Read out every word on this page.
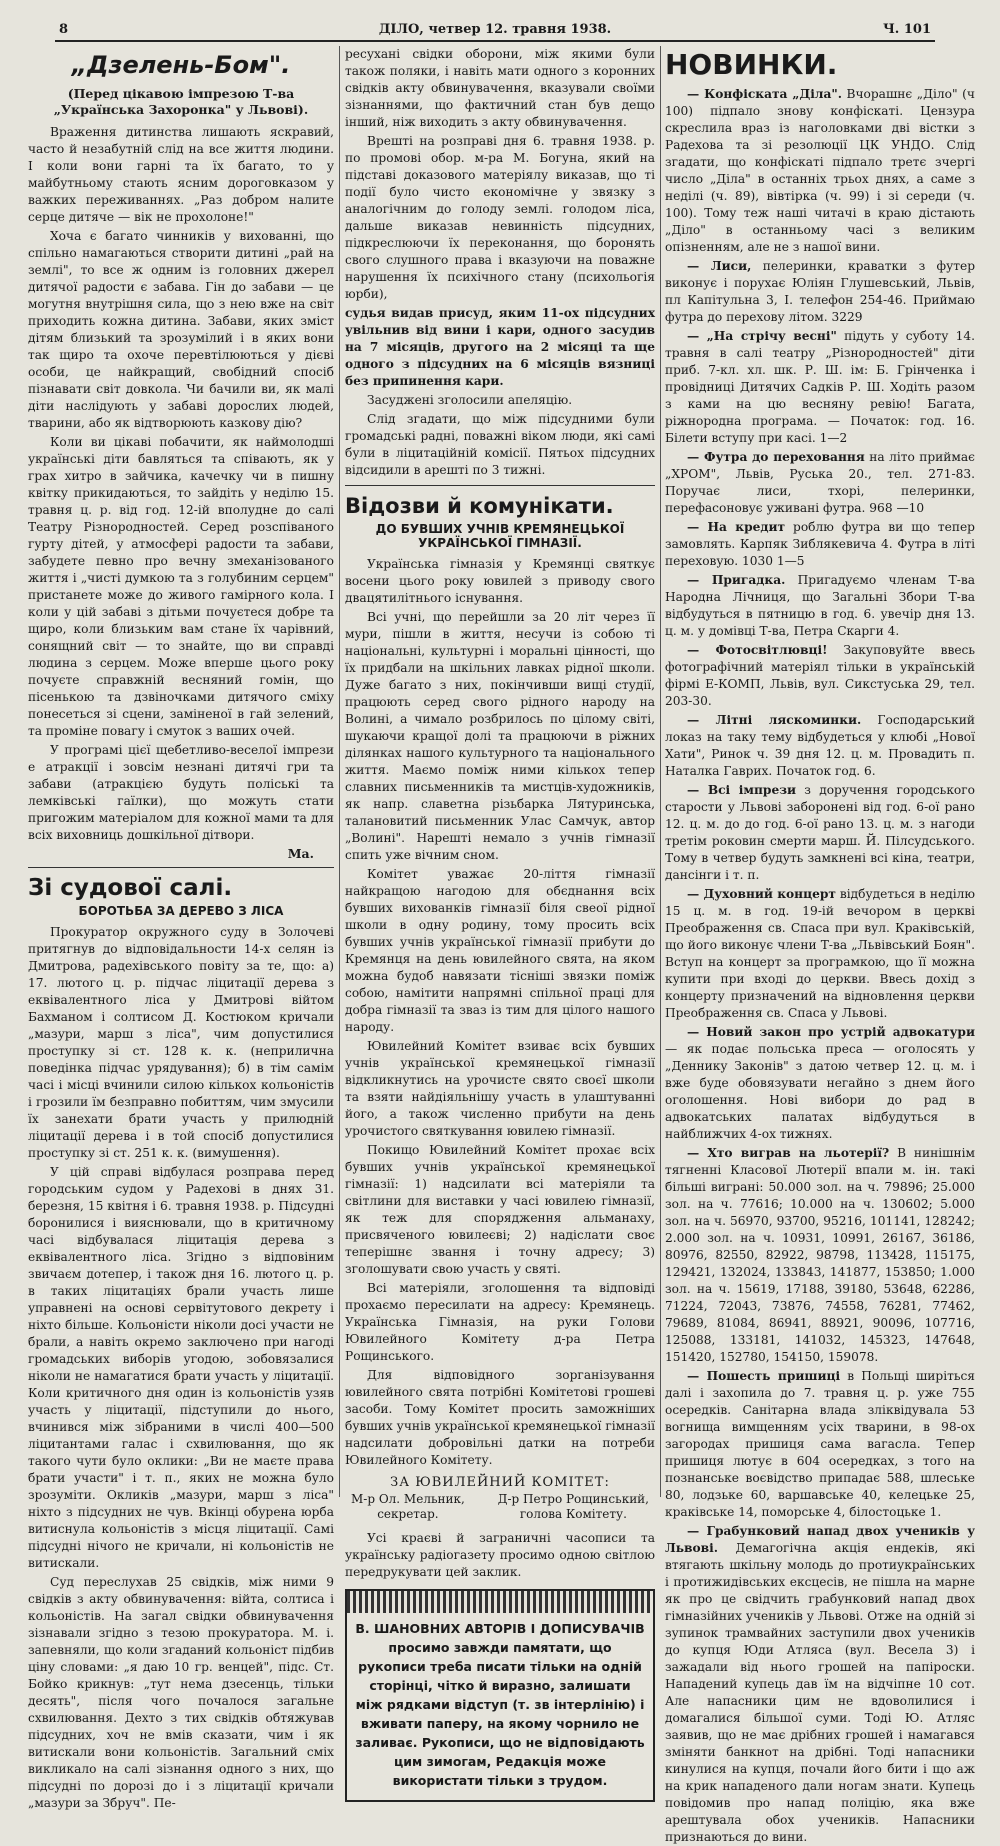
8	ДІЛО, четвер 12. травня 1938.	Ч. 101
„Дзелень-Бом".
(Перед цікавою імпрезою Т-ва „Українська Захоронка" у Львові).

Враження дитинства лишають яскравий, часто й незабутній слід на все життя людини. І коли вони гарні та їх багато, то у майбутньому стають ясним дороговказом у важких переживаннях. „Раз добром налите серце дитяче — вік не прохолоне!"

Хоча є багато чинників у вихованні, що спільно намагаються створити дитині „рай на землі", то все ж одним із головних джерел дитячої радости є забава. Гін до забави — це могутня внутрішня сила, що з нею вже на світ приходить кожна дитина. Забави, яких зміст дітям близький та зрозумілий і в яких вони так щиро та охоче перевтілюються у дієві особи, це найкращий, свобідний спосіб пізнавати світ довкола. Чи бачили ви, як малі діти наслідують у забаві дорослих людей, тварини, або як відтворюють казкову дію?

Коли ви цікаві побачити, як наймолодші українські діти бавляться та співають, як у грах хитро в зайчика, качечку чи в пишну квітку прикидаються, то зайдіть у неділю 15. травня ц. р. від год. 12-ій вполудне до салі Театру Різнородностей. Серед розспіваного гурту дітей, у атмосфері радости та забави, забудете певно про вечну змеханізованого життя і „чисті думкою та з голубиним серцем" пристанете може до живого гамірного кола. І коли у цій забаві з дітьми почуєтеся добре та щиро, коли близьким вам стане їх чарівний, сонящний світ — то знайте, що ви справді людина з серцем. Може вперше цього року почуєте справжній весняний гомін, що пісенькою та дзвіночками дитячого сміху понесеться зі сцени, заміненої в гай зелений, та проміне повагу і смуток з ваших очей.

У програмі цієї щебетливо-веселої імпрези е атракції і зовсім незнані дитячі гри та забави (атракцією будуть поліські та лемківські гаїлки), що можуть стати пригожим матеріалом для кожної мами та для всіх виховниць дошкільної дітвори.

Ма.
Зі судової салі.
БОРОТЬБА ЗА ДЕРЕВО З ЛІСА

Прокуратор окружного суду в Золочеві притягнув до відповідальности 14-х селян із Дмитрова, радехівського повіту за те, що: а) 17. лютого ц. р. підчас ліцитації дерева з еквівалентного ліса у Дмитрові війтом Бахманом і солтисом Д. Костюком кричали „мазури, марш з ліса", чим допустилися проступку зі ст. 128 к. к. (неприлична поведінка підчас урядування); б) в тім самім часі і місці вчинили силою кількох кольоністів і грозили їм безправно побиттям, чим змусили їх занехати брати участь у прилюдній ліцитації дерева і в той спосіб допустилися проступку зі ст. 251 к. к. (вимушення).

У цій справі відбулася розправа перед городським судом у Радехові в днях 31. березня, 15 квітня і 6. травня 1938. р. Підсудні боронилися і вияснювали, що в критичному часі відбувалася ліцитація дерева з еквівалентного ліса. Згідно з відповіним звичаєм дотепер, і також дня 16. лютого ц. р. в таких ліцитаціях брали участь лише управнені на основі сервітутового декрету і ніхто більше. Кольоністи ніколи досі участи не брали, а навіть окремо заключено при нагоді громадських виборів угодою, зобовязалися ніколи не намагатися брати участь у ліцитації. Коли критичного дня один із кольоністів узяв участь у ліцитації, підступили до нього, вчинився між зібраними в числі 400—500 ліцитантами галас і схвилювання, що як такого чути було оклики: „Ви не маєте права брати участи" і т. п., яких не можна було зрозуміти. Окликів „мазури, марш з ліса" ніхто з підсудних не чув. Вкінці обурена юрба витиснула кольоністів з місця ліцитації. Самі підсудні нічого не кричали, ні кольоністів не витискали.

Суд переслухав 25 свідків, між ними 9 свідків з акту обвинувачення: війта, солтиса і кольоністів. На загал свідки обвинувачення зізнавали згідно з тезою прокуратора. М. і. запевняли, що коли згаданий кольоніст підбив ціну словами: „я даю 10 гр. венцей", підс. Ст. Бойко крикнув: „тут нема дзесенць, тільки десять", після чого почалося загальне схвилювання. Дехто з тих свідків обтяжував підсудних, хоч не вмів сказати, чим і як витискали вони кольоністів. Загальний сміх викликало на салі зізнання одного з них, що підсудні по дорозі до і з ліцитації кричали „мазури за Збруч". Пе-

ресуханi свідки оборони, між якими були також поляки, і навіть мати одного з коронних свідків акту обвинувачення, вказували своїми зізнаннями, що фактичний стан був дещо інший, ніж виходить з акту обвинувачення.

Врешті на розправі дня 6. травня 1938. р. по промові обор. м-ра М. Богуна, який на підставі доказового матеріялу виказав, що ті події було чисто економічне у звязку з аналогічним до голоду землі. голодом ліса, дальше виказав невинність підсудних, підкреслюючи їх переконання, що боронять свого слушного права і вказуючи на поважне нарушення їх психічного стану (психольогія юрби),

судья видав присуд, яким 11-ох підсудних увільнив від вини і кари, одного засудив на 7 місяців, другого на 2 місяці та ще одного з підсудних на 6 місяців вязниці без припинення кари.

Засуджені зголосили апеляцію.

Слід згадати, що між підсудними були громадські радні, поважні віком люди, які самі були в ліцитаційній комісії. Пятьох підсудних відсидили в арешті по 3 тижні.

Відозви й комунікати.
ДО БУВШИХ УЧНІВ КРЕМЯНЕЦЬКОЇ УКРАЇНСЬКОЇ ГІМНАЗІЇ.

Українська гімназія у Кремянці святкує восени цього року ювилей з приводу свого двацятилітнього існування.

Всі учні, що перейшли за 20 літ через її мури, пішли в життя, несучи із собою ті національні, культурні і моральні цінності, що їх придбали на шкільних лавках рідної школи. Дуже багато з них, покінчивши вищі студії, працюють серед свого рідного народу на Волині, а чимало розбрилось по цілому світі, шукаючи кращої долі та працюючи в ріжних ділянках нашого культурного та національного життя. Маємо поміж ними кількох тепер славних письменників та мистців-художників, як напр. славетна різьбарка Лятуринська, талановитий письменник Улас Самчук, автор „Волині". Нарешті немало з учнів гімназії спить уже вічним сном.

Комітет уважає 20-ліття гімназії найкращою нагодою для обєднання всіх бувших вихованків гімназії біля свеої рідної школи в одну родину, тому просить всіх бувших учнів української гімназії прибути до Кремянця на день ювилейного свята, на яком можна будоб навязати тісніші звязки поміж собою, намітити напрямні спільної праці для добра гімназії та зваз із тим для цілого нашого народу.

Ювилейний Комітет взиває всіх бувших учнів української кремянецької гімназії відкликнутись на урочисте свято своєї школи та взяти найдіяльнішу участь в улаштуванні його, а також численно прибути на день урочистого святкування ювилею гімназії.

Покищо Ювилейний Комітет прохає всіх бувших учнів української кремянецької гімназії: 1) надсилати всі матеріяли та світлини для виставки у часі ювилею гімназії, як теж для спорядження альманаху, присвяченого ювилеєві; 2) надіслати своє теперішнє звання і точну адресу; 3) зголошувати свою участь у святі.

Всі матеріяли, зголошення та відповіді прохаємо пересилати на адресу: Кремянець. Українська Гімназія, на руки Голови Ювилейного Комітету д-ра Петра Рощинського.

Для відповідного зорганізування ювилейного свята потрібні Комітетові грошеві засоби. Тому Комітет просить заможніших бувших учнів української кремянецької гімназії надсилати добровільні датки на потреби Ювилейного Комітету.

ЗА ЮВИЛЕЙНИЙ КОМІТЕТ:
М-р Ол. Мельник,
секретар.
Д-р Петро Рощинський,
голова Комітету.

Усі краєві й заграничні часописи та українську радіогазету просимо одною світлою передрукувати цей заклик.

В. ШАНОВНИХ АВТОРІВ І ДОПИСУВАЧІВ просимо завжди памятати, що рукописи треба писати тільки на одній сторінці, чітко й виразно, залишати між рядками відступ (т. зв інтерлінію) і вживати паперу, на якому чорнило не заливає. Рукописи, що не відповідають цим зимогам, Редакція може використати тільки з трудом.

НОВИНКИ.

— Конфіската „Діла". Вчорашнє „Діло" (ч 100) підпало знову конфіскаті. Цензура скреслила враз із наголовками дві вістки з Радехова та зі резолюції ЦК УНДО. Слід згадати, що конфіскаті підпало третє зчергі число „Діла" в останніх трьох днях, а саме з неділі (ч. 89), вівтірка (ч. 99) і зі середи (ч. 100). Тому теж наші читачі в краю дістають „Діло" в останньому часі з великим опізненням, але не з нашої вини.

— Лиси, пелеринки, краватки з футер виконує і порухає Юліян Глушевський, Львів, пл Капітульна 3, І. телефон 254-46. Приймаю футра до перехову літом. 3229

— „На стрічу весні" підуть у суботу 14. травня в салі театру „Різнородностей" діти приб. 7-кл. хл. шк. Р. Ш. ім: Б. Грінченка і провідниці Дитячих Садків Р. Ш. Ходіть разом з ками на цю весняну ревію! Багата, ріжнородна програма. — Початок: год. 16. Білети вступу при касі. 1—2

— Футра до переховання на літо приймає „ХРОМ", Львів, Руська 20., тел. 271-83. Поручає лиси, тхорі, пелеринки, перефасоновує уживані футра. 968 —10

— На кредит роблю футра ви що тепер замовлять. Карпяк Зиблякевича 4. Футра в літі переховую. 1030 1—5

— Пригадка. Пригадуємо членам Т-ва Народна Лічниця, що Загальні Збори Т-ва відбудуться в пятницю в год. 6. увечір дня 13. ц. м. у домівці Т-ва, Петра Скарги 4.

— Фотосвітлювці! Закуповуйте ввесь фотографічний матеріял тільки в українській фірмі Е-КОМП, Львів, вул. Сикстуська 29, тел. 203-30.

— Літні ляскоминки. Господарський локаз на таку тему відбудеться у клюбі „Нової Хати", Ринок ч. 39 дня 12. ц. м. Провадить п. Наталка Гаврих. Початок год. 6.

— Всі імпрези з доручення городського старости у Львові заборонені від год. 6-ої рано 12. ц. м. до до год. 6-ої рано 13. ц. м. з нагоди третім роковин смерти марш. Й. Пілсудського. Тому в четвер будуть замкнені всі кіна, театри, дансінги і т. п.

— Духовний концерт відбудеться в неділю 15 ц. м. в год. 19-ій вечором в церкві Преображення св. Спаса при вул. Краківській, що його виконує члени Т-ва „Львівський Боян". Вступ на концерт за програмкою, що її можна купити при вході до церкви. Ввесь дохід з концерту призначений на відновлення церкви Преображення св. Спаса у Львові.

— Новий закон про устрій адвокатури — як подає польська преса — оголосять у „Деннику Законів" з датою четвер 12. ц. м. і вже буде обовязувати негайно з днем його оголошення. Нові вибори до рад в адвокатських палатах відбудуться в найближчих 4-ох тижнях.

— Хто виграв на льотерії? В нинішнім тягненні Класової Лютерії впали м. ін. такі більші виграні: 50.000 зол. на ч. 79896; 25.000 зол. на ч. 77616; 10.000 на ч. 130602; 5.000 зол. на ч. 56970, 93700, 95216, 101141, 128242; 2.000 зол. на ч. 10931, 10991, 26167, 36186, 80976, 82550, 82922, 98798, 113428, 115175, 129421, 132024, 133843, 141877, 153850; 1.000 зол. на ч. 15619, 17188, 39180, 53648, 62286, 71224, 72043, 73876, 74558, 76281, 77462, 79689, 81084, 86941, 88921, 90096, 107716, 125088, 133181, 141032, 145323, 147648, 151420, 152780, 154150, 159078.

— Пошесть пришиці в Польщі ширіться далі і захопила до 7. травня ц. р. уже 755 осередків. Санітарна влада зліквідувала 53 вогнища вимщенням усіх тварини, в 98-ох загородах пришиця сама вагасла. Тепер пришиця лютує в 604 осередках, з того на познанське воєвідство припадає 588, шлеське 80, лодзьке 60, варшавське 40, келецьке 25, краківське 14, поморське 4, білостоцьке 1.

— Грабунковий напад двох учеників у Львові. Демагогічна акція ендеків, які втягають шкільну молодь до протиукраїнських і протижидівських ексцесів, не пішла на марне як про це свідчить грабунковий напад двох гімназійних учеників у Львові. Отже на одній зі зупинок трамвайних заступили двох учеників до купця Юди Атляса (вул. Весела 3) і зажадали від нього грошей на папіроски. Нападений купець дав їм на відчіпне 10 сот. Але напасники цим не вдоволилися і домагалися більшої суми. Тоді Ю. Атляс заявив, що не має дрібних грошей і намагався зміняти банкнот на дрібні. Тоді напасники кинулися на купця, почали його бити і що аж на крик нападеного дали ногам знати. Купець повідомив про напад поліцію, яка вже арештувала обох учеників. Напасники признаються до вини.
